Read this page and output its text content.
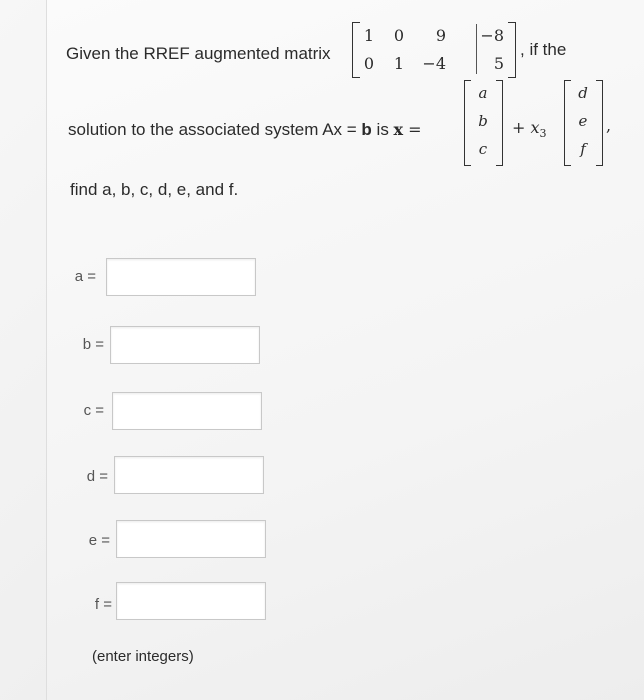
Given the RREF augmented matrix
1	0	9	−8
0	1	−4	5
, if the
solution to the associated system Ax = b is x =
a
b
c
+ $x_3$
d
e
f
,
find a, b, c, d, e, and f.
a =
b =
c =
d =
e =
f =
(enter integers)
